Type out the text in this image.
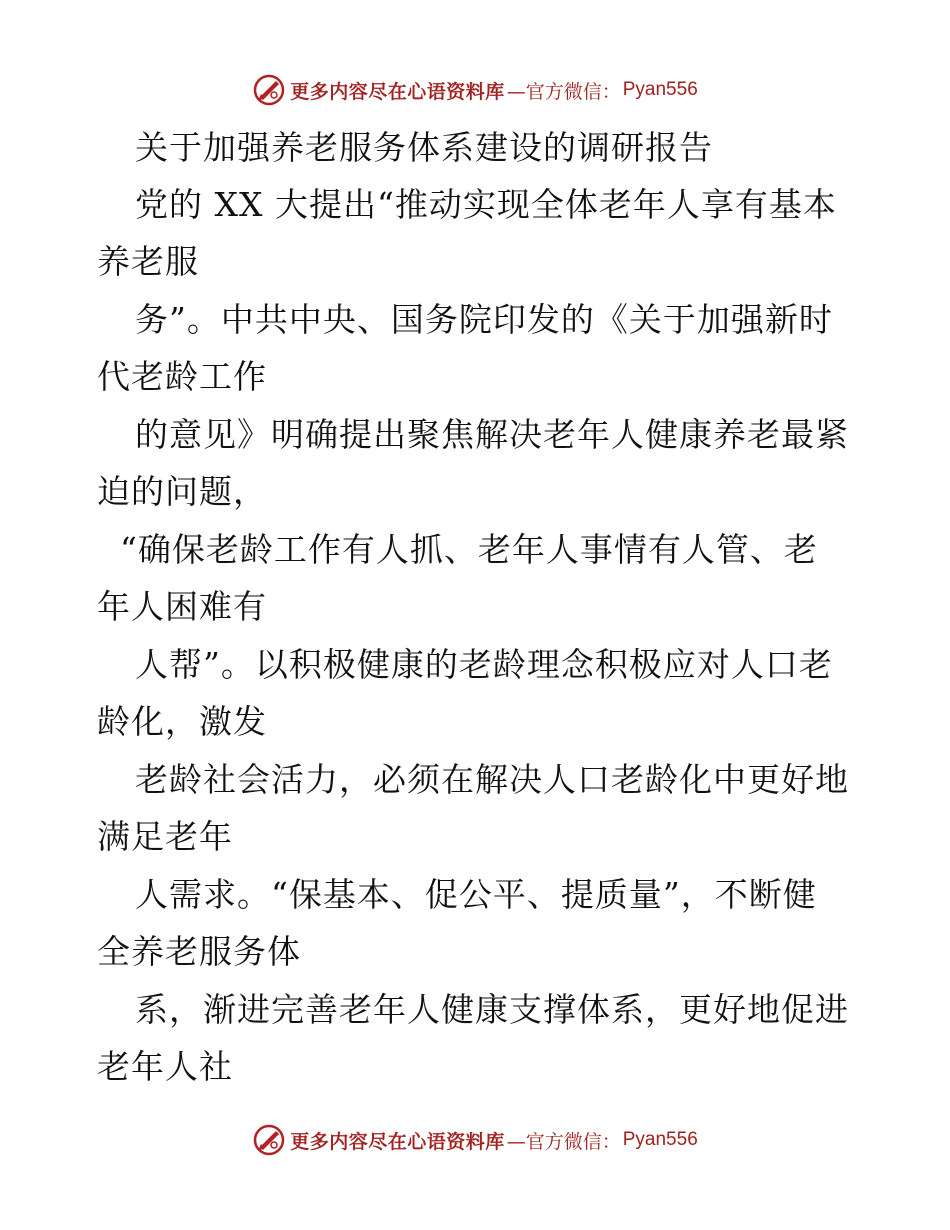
更多内容尽在心语资料库 —官方微信： Pyan556
关于加强养老服务体系建设的调研报告
党的 XX 大提出“推动实现全体老年人享有基本
养老服
务”。中共中央、国务院印发的《关于加强新时
代老龄工作
的意见》明确提出聚焦解决老年人健康养老最紧
迫的问题，
“确保老龄工作有人抓、老年人事情有人管、老
年人困难有
人帮”。以积极健康的老龄理念积极应对人口老
龄化，激发
老龄社会活力，必须在解决人口老龄化中更好地
满足老年
人需求。“保基本、促公平、提质量”，不断健
全养老服务体
系，渐进完善老年人健康支撑体系，更好地促进
老年人社
更多内容尽在心语资料库 —官方微信： Pyan556
